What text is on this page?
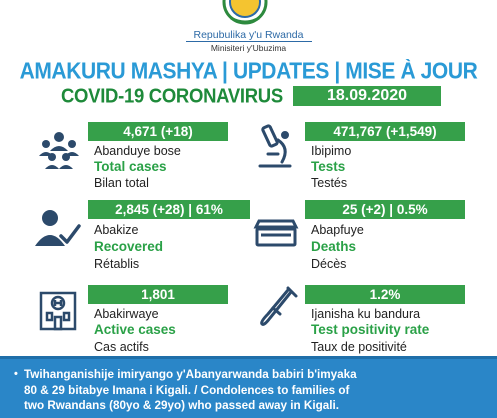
Repubulika y'u Rwanda
Minisiteri y'Ubuzima
AMAKURU MASHYA | UPDATES | MISE À JOUR
COVID-19 CORONAVIRUS	18.09.2020
4,671 (+18)
Abanduye bose
Total cases
Bilan total
471,767 (+1,549)
Ibipimo
Tests
Testés
2,845 (+28) | 61%
Abakize
Recovered
Rétablis
25 (+2) | 0.5%
Abapfuye
Deaths
Décès
1,801
Abakirwaye
Active cases
Cas actifs
1.2%
Ijanisha ku bandura
Test positivity rate
Taux de positivité
• Twihanganishije imiryango y'Abanyarwanda babiri b'imyaka
80 & 29 bitabye Imana i Kigali. / Condolences to families of
two Rwandans (80yo & 29yo) who passed away in Kigali.
